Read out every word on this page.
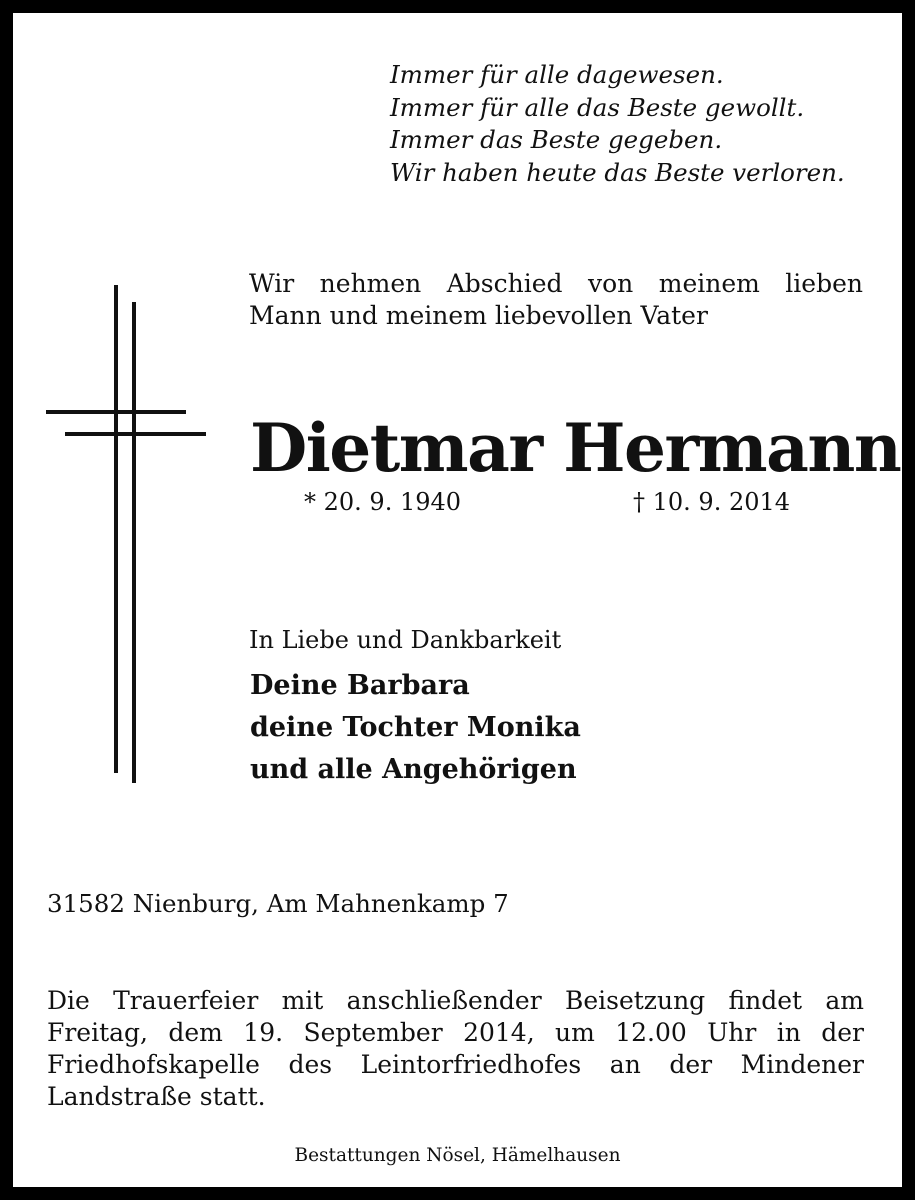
Immer für alle dagewesen.
Immer für alle das Beste gewollt.
Immer das Beste gegeben.
Wir haben heute das Beste verloren.
Wir nehmen Abschied von meinem lieben
Mann und meinem liebevollen Vater
Dietmar Hermann
* 20. 9. 1940	† 10. 9. 2014
In Liebe und Dankbarkeit
Deine Barbara
deine Tochter Monika
und alle Angehörigen
31582 Nienburg, Am Mahnenkamp 7
Die Trauerfeier mit anschließender Beisetzung findet am
Freitag, dem 19. September 2014, um 12.00 Uhr in der
Friedhofskapelle des Leintorfriedhofes an der Mindener
Landstraße statt.
Bestattungen Nösel, Hämelhausen
